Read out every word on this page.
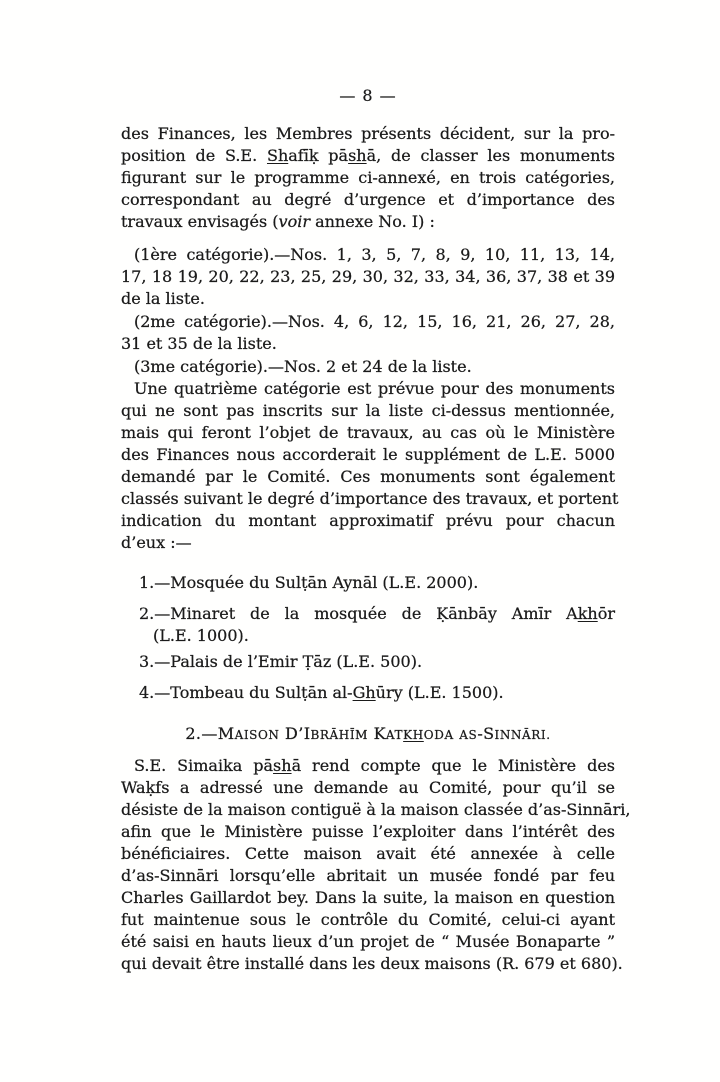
— 8 —
des Finances, les Membres présents décident, sur la pro-
position de S.E. Shafīḳ pāshā, de classer les monuments
figurant sur le programme ci-annexé, en trois catégories,
correspondant au degré d’urgence et d’importance des
travaux envisagés (voir annexe No. I) :
(1ère catégorie).—Nos. 1, 3, 5, 7, 8, 9, 10, 11, 13, 14,
17, 18 19, 20, 22, 23, 25, 29, 30, 32, 33, 34, 36, 37, 38 et 39
de la liste.
(2me catégorie).—Nos. 4, 6, 12, 15, 16, 21, 26, 27, 28,
31 et 35 de la liste.
(3me catégorie).—Nos. 2 et 24 de la liste.
Une quatrième catégorie est prévue pour des monuments
qui ne sont pas inscrits sur la liste ci-dessus mentionnée,
mais qui feront l’objet de travaux, au cas où le Ministère
des Finances nous accorderait le supplément de L.E. 5000
demandé par le Comité. Ces monuments sont également
classés suivant le degré d’importance des travaux, et portent
indication du montant approximatif prévu pour chacun
d’eux :—
1.—Mosquée du Sulṭān Aynāl (L.E. 2000).
2.—Minaret de la mosquée de Ḳānbāy Amīr Akhōr
(L.E. 1000).
3.—Palais de l’Emir Ṭāz (L.E. 500).
4.—Tombeau du Sulṭān al-Ghūry (L.E. 1500).
2.—MAISON D’IBRĀHĪM KATKHODA AS-SINNĀRI.
S.E. Simaika pāshā rend compte que le Ministère des
Waḳfs a adressé une demande au Comité, pour qu’il se
désiste de la maison contiguë à la maison classée d’as-Sinnāri,
afin que le Ministère puisse l’exploiter dans l’intérêt des
bénéficiaires. Cette maison avait été annexée à celle
d’as-Sinnāri lorsqu’elle abritait un musée fondé par feu
Charles Gaillardot bey. Dans la suite, la maison en question
fut maintenue sous le contrôle du Comité, celui-ci ayant
été saisi en hauts lieux d’un projet de “ Musée Bonaparte ”
qui devait être installé dans les deux maisons (R. 679 et 680).
